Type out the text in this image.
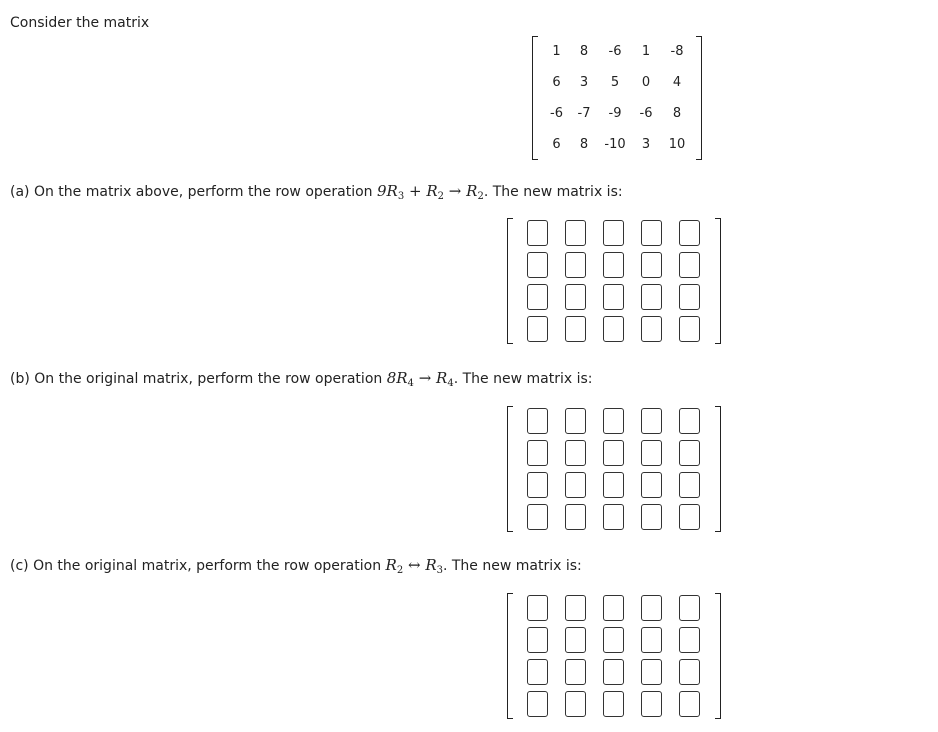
Consider the matrix
1	8	-6	1	-8
6	3	5	0	4
-6	-7	-9	-6	8
6	8	-10	3	10
(a) On the matrix above, perform the row operation $9R_3 + R_2 \to R_2$. The new matrix is:
(b) On the original matrix, perform the row operation $8R_4 \to R_4$. The new matrix is:
(c) On the original matrix, perform the row operation $R_2$ ↔ $R_3$. The new matrix is:
